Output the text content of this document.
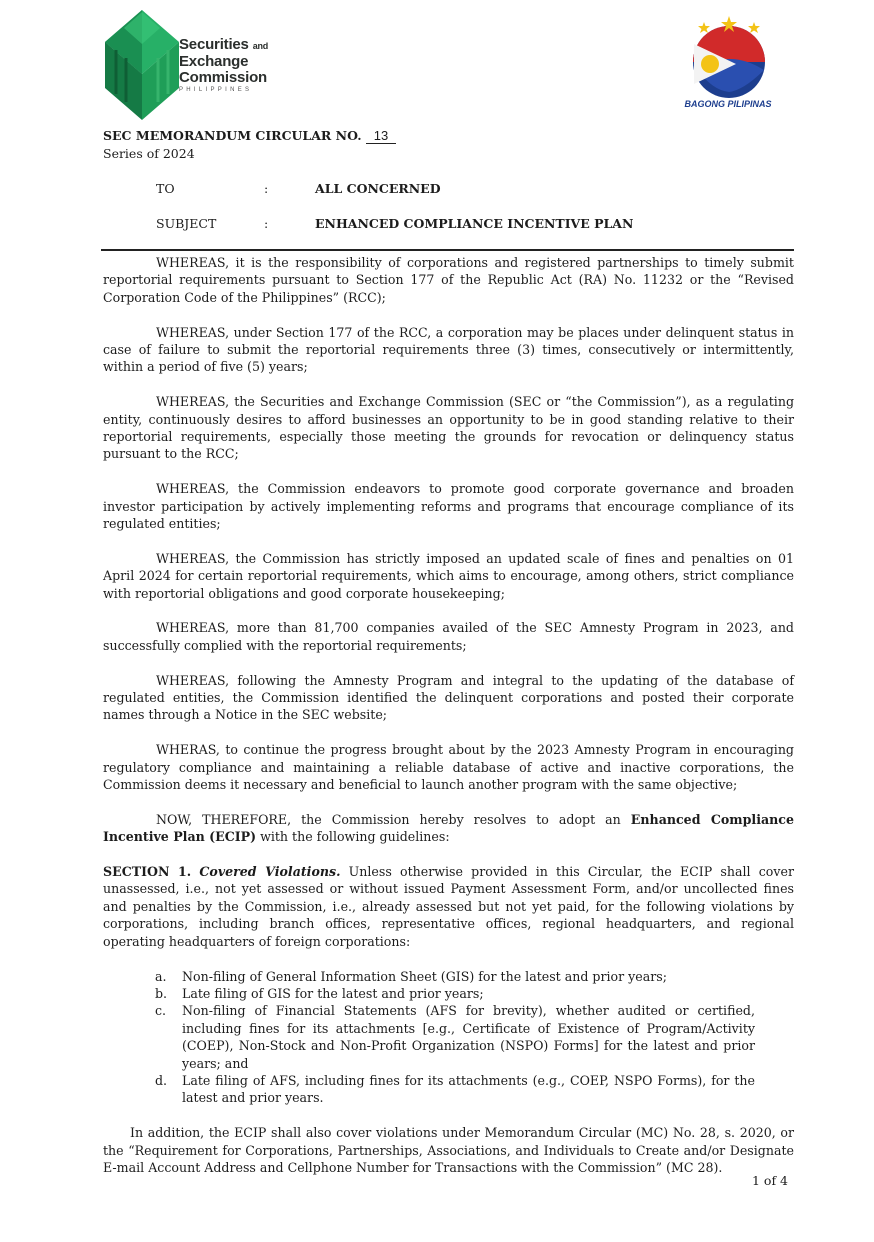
Securities and
Exchange
Commission
PHILIPPINES
BAGONG PILIPINAS
SEC MEMORANDUM CIRCULAR NO. 13
Series of 2024
TO	:	ALL CONCERNED
SUBJECT	:	ENHANCED COMPLIANCE INCENTIVE PLAN

WHEREAS, it is the responsibility of corporations and registered partnerships to timely submit reportorial requirements pursuant to Section 177 of the Republic Act (RA) No. 11232 or the “Revised Corporation Code of the Philippines” (RCC);

WHEREAS, under Section 177 of the RCC, a corporation may be places under delinquent status in case of failure to submit the reportorial requirements three (3) times, consecutively or intermittently, within a period of five (5) years;

WHEREAS, the Securities and Exchange Commission (SEC or “the Commission”), as a regulating entity, continuously desires to afford businesses an opportunity to be in good standing relative to their reportorial requirements, especially those meeting the grounds for revocation or delinquency status pursuant to the RCC;

WHEREAS, the Commission endeavors to promote good corporate governance and broaden investor participation by actively implementing reforms and programs that encourage compliance of its regulated entities;

WHEREAS, the Commission has strictly imposed an updated scale of fines and penalties on 01 April 2024 for certain reportorial requirements, which aims to encourage, among others, strict compliance with reportorial obligations and good corporate housekeeping;

WHEREAS, more than 81,700 companies availed of the SEC Amnesty Program in 2023, and successfully complied with the reportorial requirements;

WHEREAS, following the Amnesty Program and integral to the updating of the database of regulated entities, the Commission identified the delinquent corporations and posted their corporate names through a Notice in the SEC website;

WHERAS, to continue the progress brought about by the 2023 Amnesty Program in encouraging regulatory compliance and maintaining a reliable database of active and inactive corporations, the Commission deems it necessary and beneficial to launch another program with the same objective;

NOW, THEREFORE, the Commission hereby resolves to adopt an Enhanced Compliance Incentive Plan (ECIP) with the following guidelines:

SECTION 1. Covered Violations. Unless otherwise provided in this Circular, the ECIP shall cover unassessed, i.e., not yet assessed or without issued Payment Assessment Form, and/or uncollected fines and penalties by the Commission, i.e., already assessed but not yet paid, for the following violations by corporations, including branch offices, representative offices, regional headquarters, and regional operating headquarters of foreign corporations:

a. Non-filing of General Information Sheet (GIS) for the latest and prior years;
b. Late filing of GIS for the latest and prior years;
c. Non-filing of Financial Statements (AFS for brevity), whether audited or certified, including fines for its attachments [e.g., Certificate of Existence of Program/Activity (COEP), Non-Stock and Non-Profit Organization (NSPO) Forms] for the latest and prior years; and
d. Late filing of AFS, including fines for its attachments (e.g., COEP, NSPO Forms), for the latest and prior years.

In addition, the ECIP shall also cover violations under Memorandum Circular (MC) No. 28, s. 2020, or the “Requirement for Corporations, Partnerships, Associations, and Individuals to Create and/or Designate E-mail Account Address and Cellphone Number for Transactions with the Commission” (MC 28).

1 of 4
